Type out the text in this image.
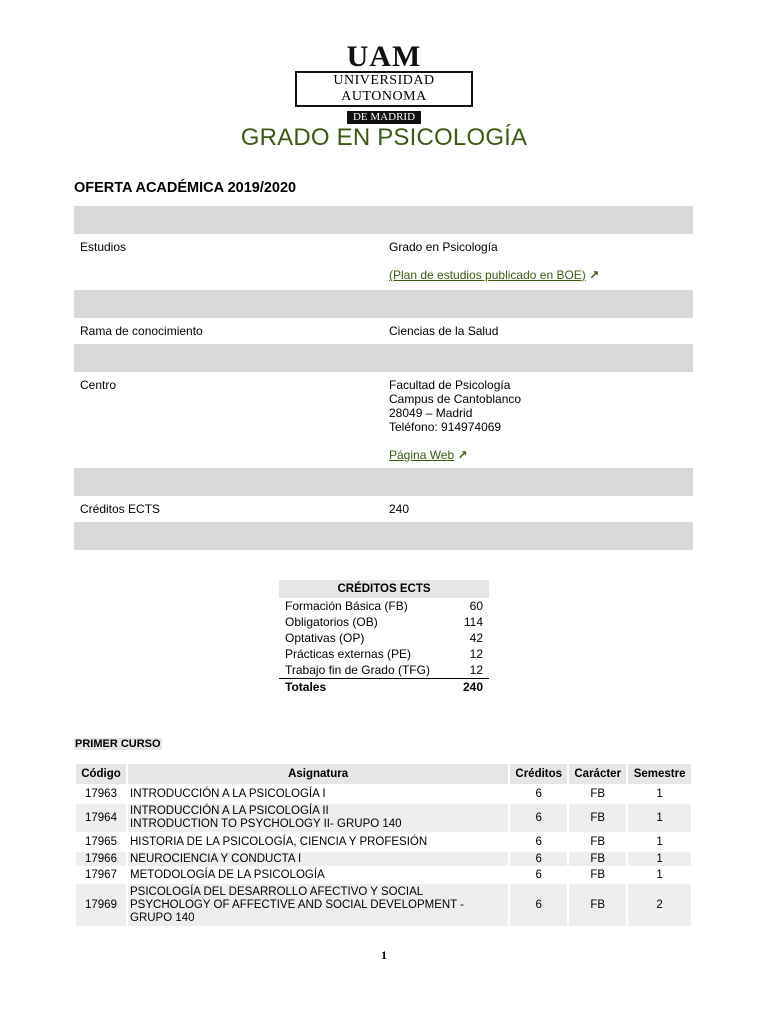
UAM
UNIVERSIDAD AUTONOMA
DE MADRID
GRADO EN PSICOLOGÍA
OFERTA ACADÉMICA 2019/2020
Estudios	Grado en Psicología
(Plan de estudios publicado en BOE) ↗
Rama de conocimiento	Ciencias de la Salud
Centro	Facultad de Psicología
Campus de Cantoblanco
28049 – Madrid
Teléfono: 914974069
Página Web ↗
Créditos ECTS	240
CRÉDITOS ECTS	
Formación Básica (FB)	60
Obligatorios (OB)	114
Optativas (OP)	42
Prácticas externas (PE)	12
Trabajo fin de Grado (TFG)	12
Totales	240
PRIMER CURSO
Código	Asignatura	Créditos	Carácter	Semestre
17963	INTRODUCCIÓN A LA PSICOLOGÍA I	6	FB	1
17964	INTRODUCCIÓN A LA PSICOLOGÍA II
INTRODUCTION TO PSYCHOLOGY II- GRUPO 140	6	FB	1
17965	HISTORIA DE LA PSICOLOGÍA, CIENCIA Y PROFESIÓN	6	FB	1
17966	NEUROCIENCIA Y CONDUCTA I	6	FB	1
17967	METODOLOGÍA DE LA PSICOLOGÍA	6	FB	1
17969	PSICOLOGÍA DEL DESARROLLO AFECTIVO Y SOCIAL
PSYCHOLOGY OF AFFECTIVE AND SOCIAL DEVELOPMENT -
GRUPO 140	6	FB	2
1
